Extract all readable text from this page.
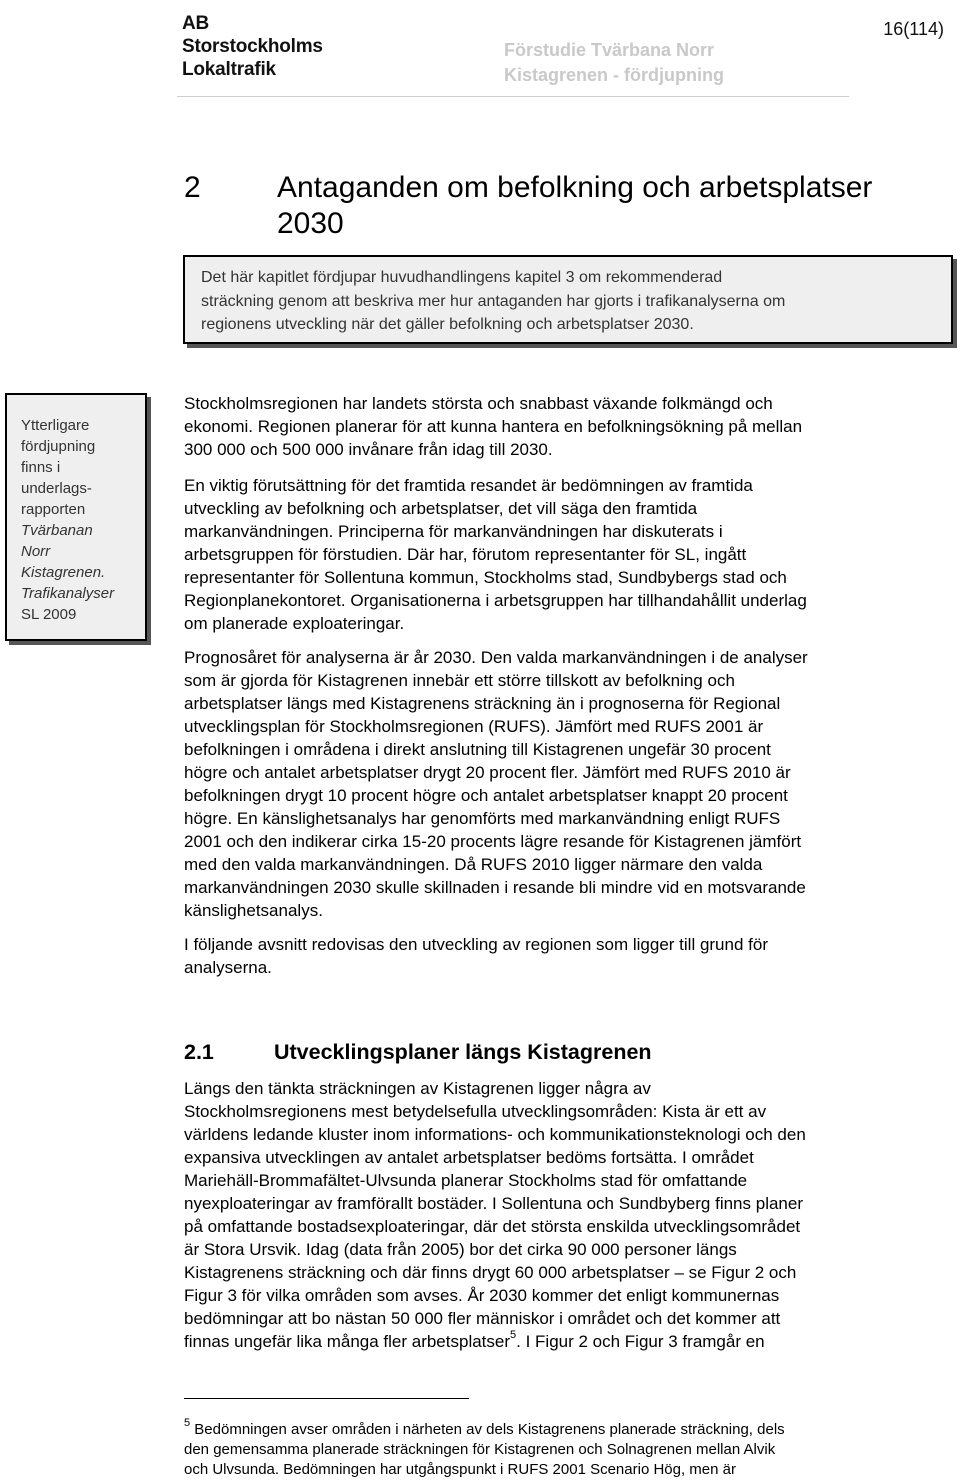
AB
Storstockholms
Lokaltrafik
Förstudie Tvärbana Norr
Kistagrenen - fördjupning
16(114)
2	Antaganden om befolkning och arbetsplatser
2030
Det här kapitlet fördjupar huvudhandlingens kapitel 3 om rekommenderad
sträckning genom att beskriva mer hur antaganden har gjorts i trafikanalyserna om
regionens utveckling när det gäller befolkning och arbetsplatser 2030.
Ytterligare
fördjupning
finns i
underlags-
rapporten
Tvärbanan
Norr
Kistagrenen.
Trafikanalyser
SL 2009

Stockholmsregionen har landets största och snabbast växande folkmängd och

ekonomi. Regionen planerar för att kunna hantera en befolkningsökning på mellan

300 000 och 500 000 invånare från idag till 2030.

En viktig förutsättning för det framtida resandet är bedömningen av framtida

utveckling av befolkning och arbetsplatser, det vill säga den framtida

markanvändningen. Principerna för markanvändningen har diskuterats i

arbetsgruppen för förstudien. Där har, förutom representanter för SL, ingått

representanter för Sollentuna kommun, Stockholms stad, Sundbybergs stad och

Regionplanekontoret. Organisationerna i arbetsgruppen har tillhandahållit underlag

om planerade exploateringar.

Prognosåret för analyserna är år 2030. Den valda markanvändningen i de analyser

som är gjorda för Kistagrenen innebär ett större tillskott av befolkning och

arbetsplatser längs med Kistagrenens sträckning än i prognoserna för Regional

utvecklingsplan för Stockholmsregionen (RUFS). Jämfört med RUFS 2001 är

befolkningen i områdena i direkt anslutning till Kistagrenen ungefär 30 procent

högre och antalet arbetsplatser drygt 20 procent fler. Jämfört med RUFS 2010 är

befolkningen drygt 10 procent högre och antalet arbetsplatser knappt 20 procent

högre. En känslighetsanalys har genomförts med markanvändning enligt RUFS

2001 och den indikerar cirka 15-20 procents lägre resande för Kistagrenen jämfört

med den valda markanvändningen. Då RUFS 2010 ligger närmare den valda

markanvändningen 2030 skulle skillnaden i resande bli mindre vid en motsvarande

känslighetsanalys.

I följande avsnitt redovisas den utveckling av regionen som ligger till grund för

analyserna.

2.1	Utvecklingsplaner längs Kistagrenen

Längs den tänkta sträckningen av Kistagrenen ligger några av

Stockholmsregionens mest betydelsefulla utvecklingsområden: Kista är ett av

världens ledande kluster inom informations- och kommunikationsteknologi och den

expansiva utvecklingen av antalet arbetsplatser bedöms fortsätta. I området

Mariehäll-Brommafältet-Ulvsunda planerar Stockholms stad för omfattande

nyexploateringar av framförallt bostäder. I Sollentuna och Sundbyberg finns planer

på omfattande bostadsexploateringar, där det största enskilda utvecklingsområdet

är Stora Ursvik. Idag (data från 2005) bor det cirka 90 000 personer längs

Kistagrenens sträckning och där finns drygt 60 000 arbetsplatser – se Figur 2 och

Figur 3 för vilka områden som avses. År 2030 kommer det enligt kommunernas

bedömningar att bo nästan 50 000 fler människor i området och det kommer att

finnas ungefär lika många fler arbetsplatser$^5$. I Figur 2 och Figur 3 framgår en

$^5$ Bedömningen avser områden i närheten av dels Kistagrenens planerade sträckning, dels
den gemensamma planerade sträckningen för Kistagrenen och Solnagrenen mellan Alvik
och Ulvsunda. Bedömningen har utgångspunkt i RUFS 2001 Scenario Hög, men är
